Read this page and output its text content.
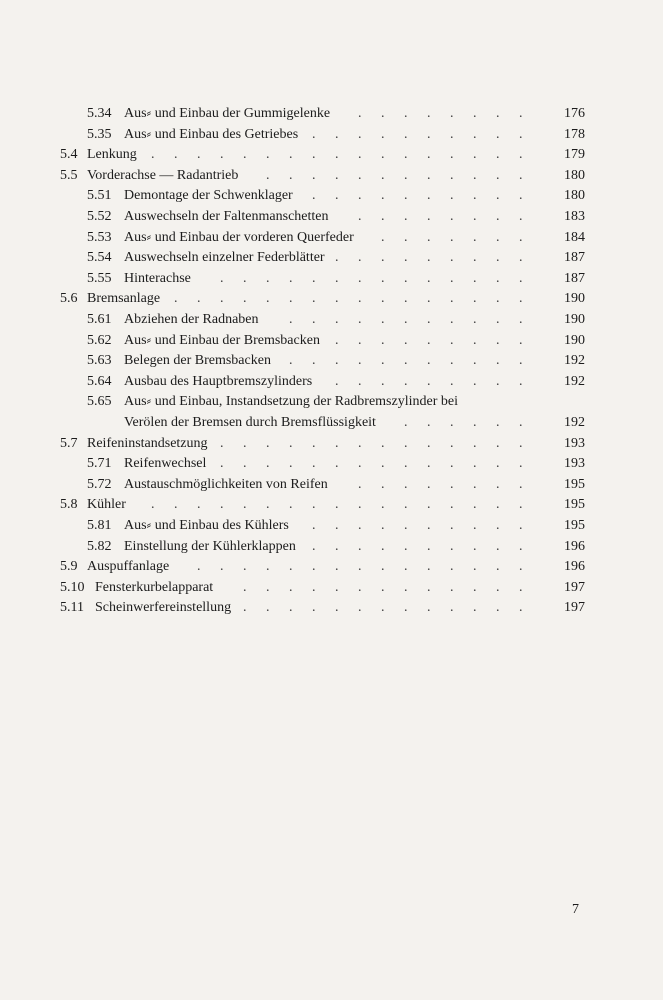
5.34 Aus⸗ und Einbau der Gummigelenke . . . . . . . .	176
5.35 Aus⸗ und Einbau des Getriebes . . . . . . . . . .	178
5.4 Lenkung . . . . . . . . . . . . . . . . .	179
5.5 Vorderachse — Radantrieb . . . . . . . . . . . .	180
5.51 Demontage der Schwenklager . . . . . . . . . .	180
5.52 Auswechseln der Faltenmanschetten . . . . . . . .	183
5.53 Aus⸗ und Einbau der vorderen Querfeder . . . . . . .	184
5.54 Auswechseln einzelner Federblätter . . . . . . . . .	187
5.55 Hinterachse . . . . . . . . . . . . . .	187
5.6 Bremsanlage . . . . . . . . . . . . . . . .	190
5.61 Abziehen der Radnaben . . . . . . . . . . .	190
5.62 Aus⸗ und Einbau der Bremsbacken . . . . . . . . .	190
5.63 Belegen der Bremsbacken . . . . . . . . . . .	192
5.64 Ausbau des Hauptbremszylinders . . . . . . . . .	192
5.65 Aus⸗ und Einbau, Instandsetzung der Radbremszylinder bei
Verölen der Bremsen durch Bremsflüssigkeit . . . . . .	192
5.7 Reifeninstandsetzung . . . . . . . . . . . . . .	193
5.71 Reifenwechsel . . . . . . . . . . . . . .	193
5.72 Austauschmöglichkeiten von Reifen . . . . . . . .	195
5.8 Kühler . . . . . . . . . . . . . . . . .	195
5.81 Aus⸗ und Einbau des Kühlers . . . . . . . . . .	195
5.82 Einstellung der Kühlerklappen . . . . . . . . . .	196
5.9 Auspuffanlage . . . . . . . . . . . . . . .	196
5.10 Fensterkurbelapparat . . . . . . . . . . . . .	197
5.11 Scheinwerfereinstellung . . . . . . . . . . . . .	197
7
